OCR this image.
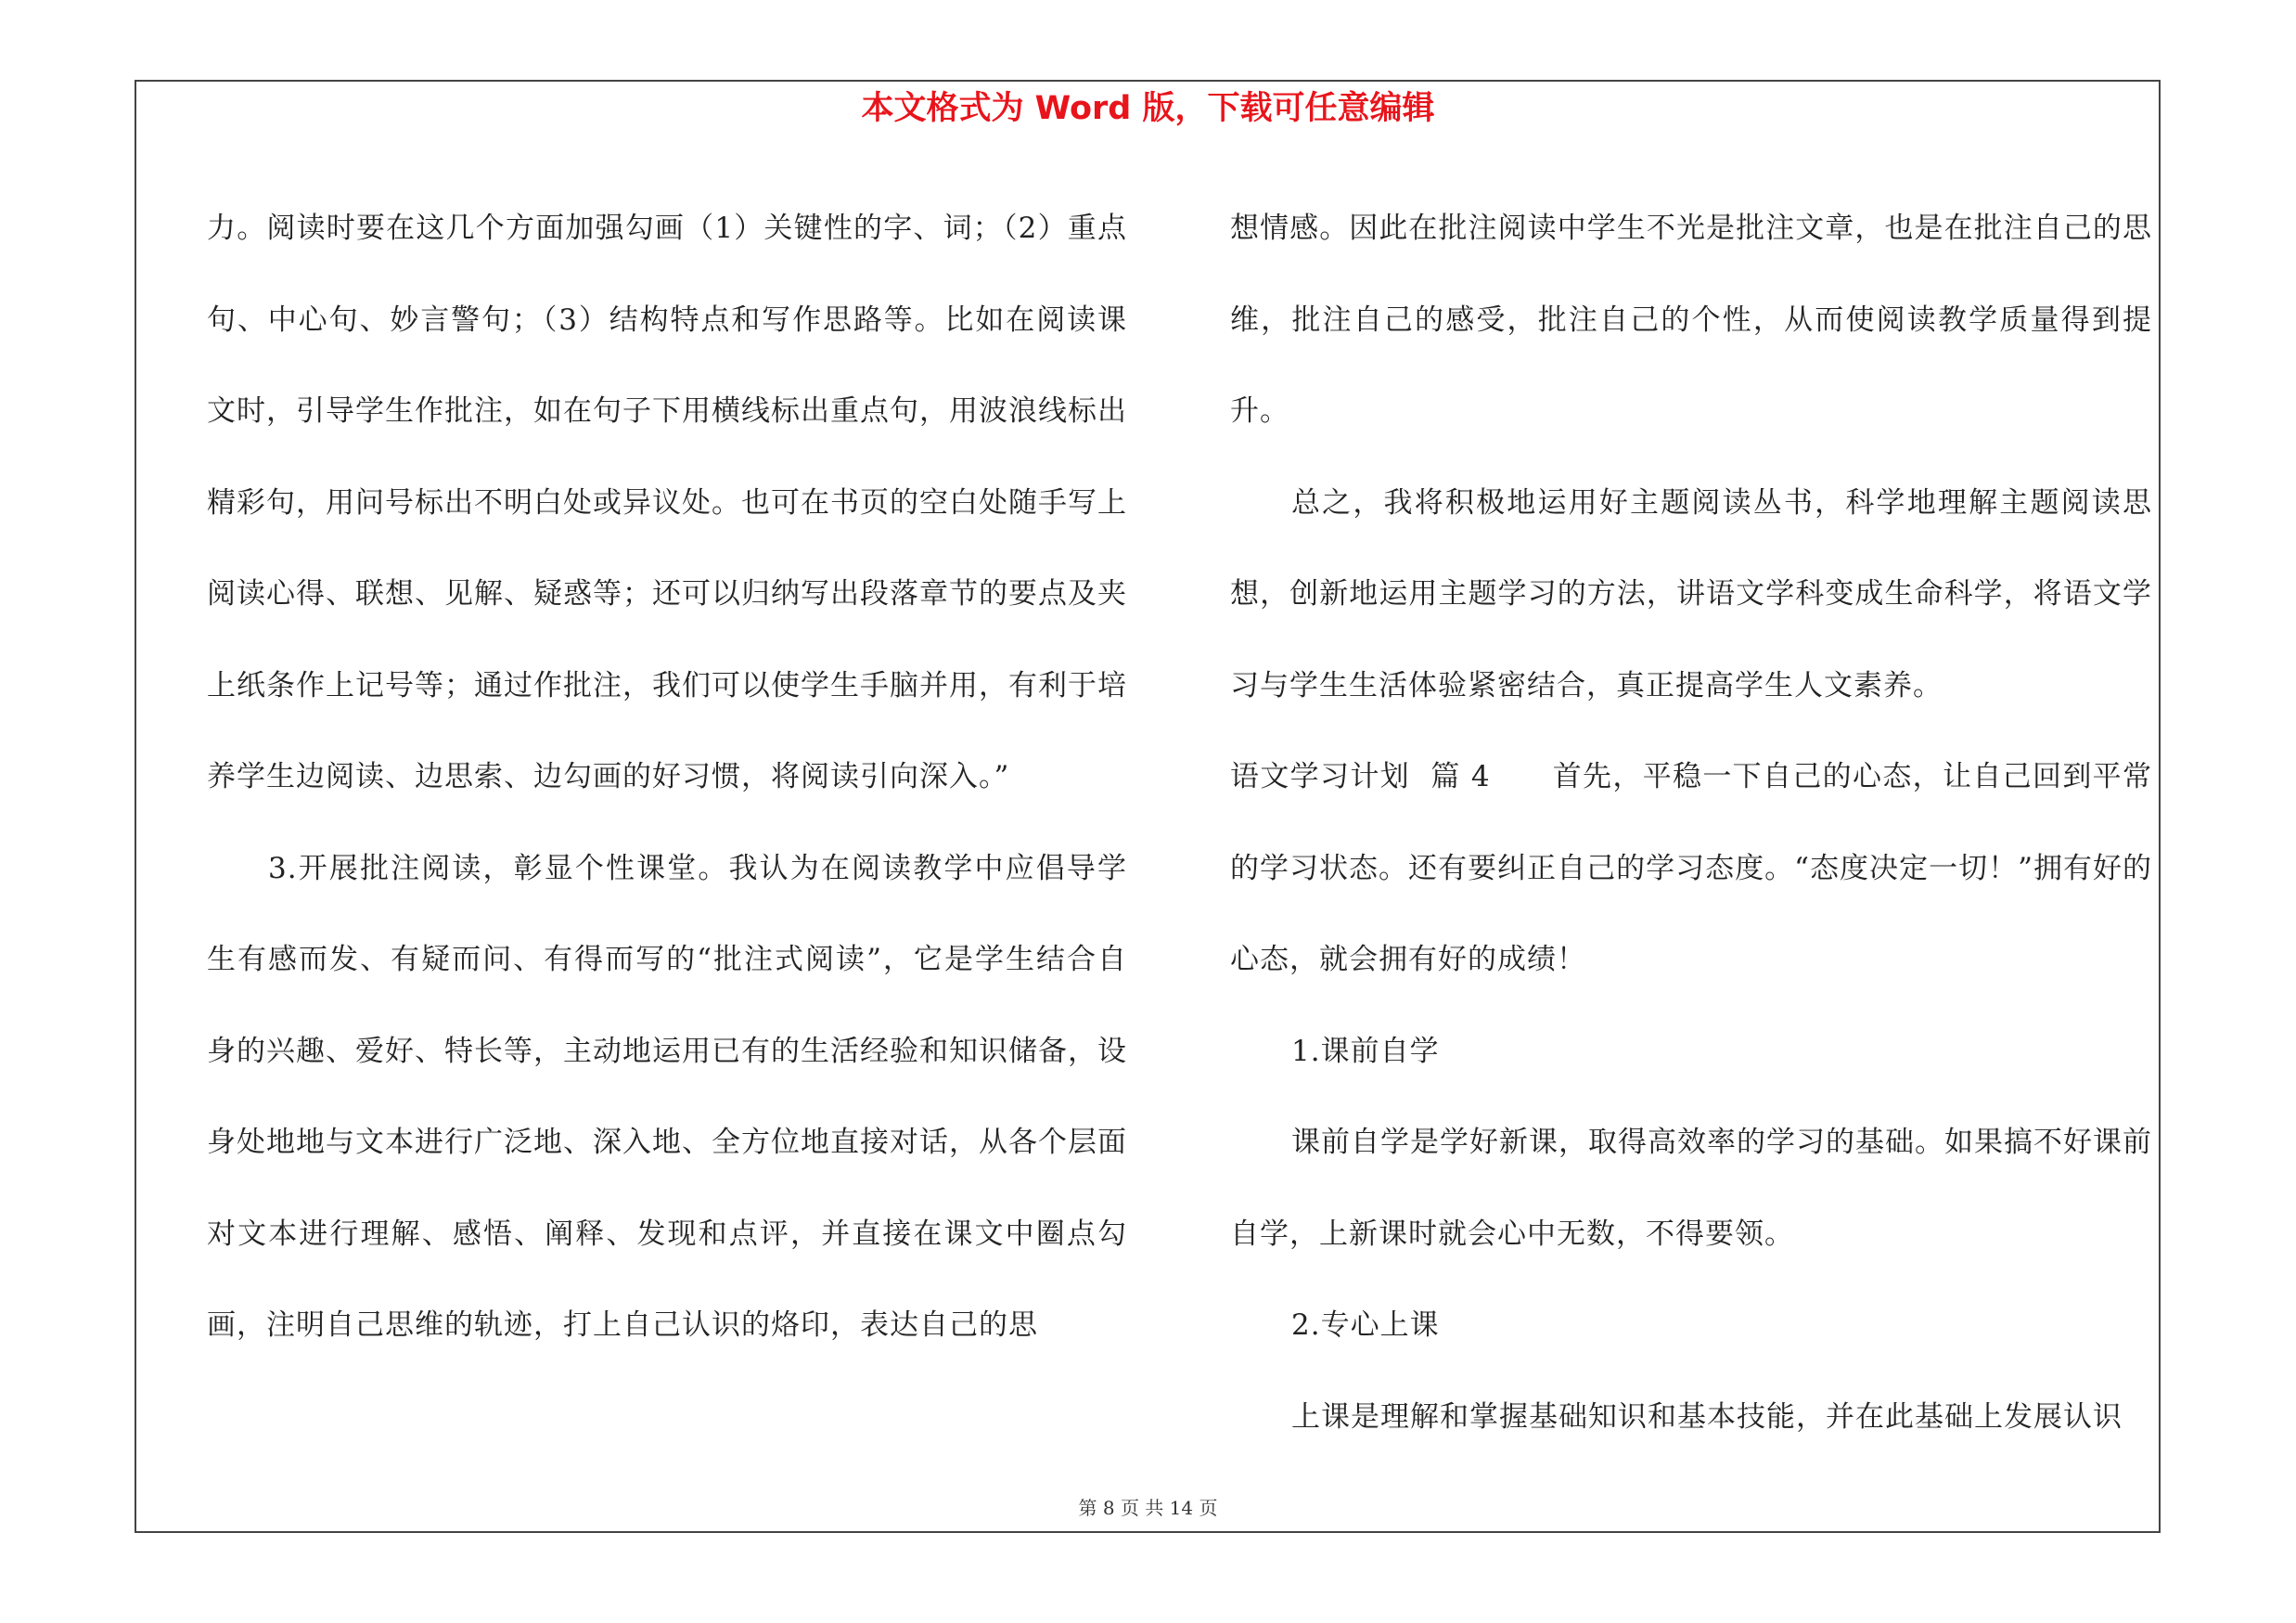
本文格式为 Word 版，下载可任意编辑

力。阅读时要在这几个方面加强勾画（1）关键性的字、词；（2）重点句、中心句、妙言警句；（3）结构特点和写作思路等。比如在阅读课文时，引导学生作批注，如在句子下用横线标出重点句，用波浪线标出精彩句，用问号标出不明白处或异议处。也可在书页的空白处随手写上阅读心得、联想、见解、疑惑等；还可以归纳写出段落章节的要点及夹上纸条作上记号等；通过作批注，我们可以使学生手脑并用，有利于培养学生边阅读、边思索、边勾画的好习惯，将阅读引向深入。”

3.开展批注阅读，彰显个性课堂。我认为在阅读教学中应倡导学生有感而发、有疑而问、有得而写的“批注式阅读”，它是学生结合自身的兴趣、爱好、特长等，主动地运用已有的生活经验和知识储备，设身处地地与文本进行广泛地、深入地、全方位地直接对话，从各个层面对文本进行理解、感悟、阐释、发现和点评，并直接在课文中圈点勾画，注明自己思维的轨迹，打上自己认识的烙印，表达自己的思

想情感。因此在批注阅读中学生不光是批注文章，也是在批注自己的思维，批注自己的感受，批注自己的个性，从而使阅读教学质量得到提升。

总之，我将积极地运用好主题阅读丛书，科学地理解主题阅读思想，创新地运用主题学习的方法，讲语文学科变成生命科学，将语文学习与学生生活体验紧密结合，真正提高学生人文素养。

语文学习计划  篇 4      首先，平稳一下自己的心态，让自己回到平常的学习状态。还有要纠正自己的学习态度。“态度决定一切！”拥有好的心态，就会拥有好的成绩！

1.课前自学

课前自学是学好新课，取得高效率的学习的基础。如果搞不好课前自学，上新课时就会心中无数，不得要领。

2.专心上课

上课是理解和掌握基础知识和基本技能，并在此基础上发展认识

第 8 页 共 14 页
